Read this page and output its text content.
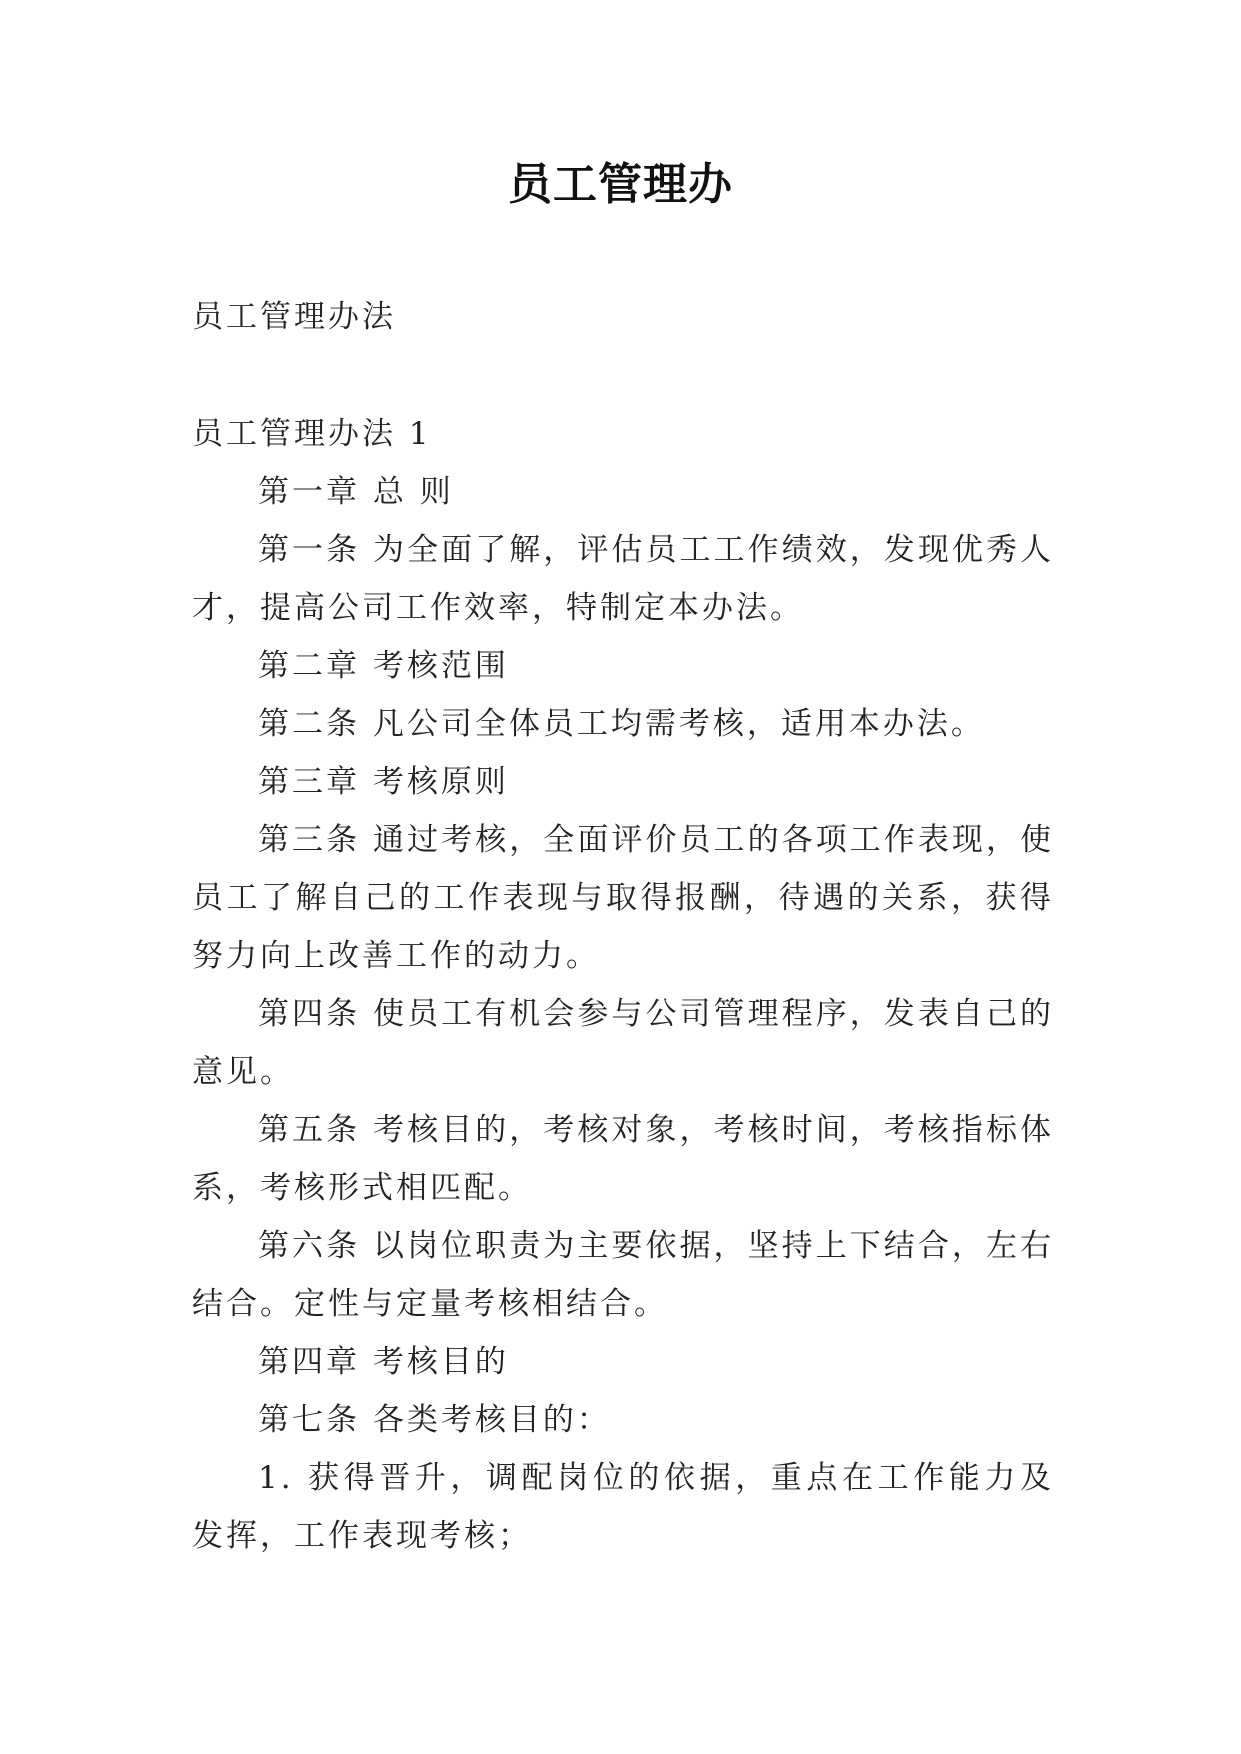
员工管理办
员工管理办法

员工管理办法 1

第一章 总 则

第一条 为全面了解，评估员工工作绩效，发现优秀人才，提高公司工作效率，特制定本办法。

第二章 考核范围

第二条 凡公司全体员工均需考核，适用本办法。

第三章 考核原则

第三条 通过考核，全面评价员工的各项工作表现，使员工了解自己的工作表现与取得报酬，待遇的关系，获得努力向上改善工作的动力。

第四条 使员工有机会参与公司管理程序，发表自己的意见。

第五条 考核目的，考核对象，考核时间，考核指标体系，考核形式相匹配。

第六条 以岗位职责为主要依据，坚持上下结合，左右结合。定性与定量考核相结合。

第四章 考核目的

第七条 各类考核目的：

1. 获得晋升，调配岗位的依据，重点在工作能力及发挥，工作表现考核；
